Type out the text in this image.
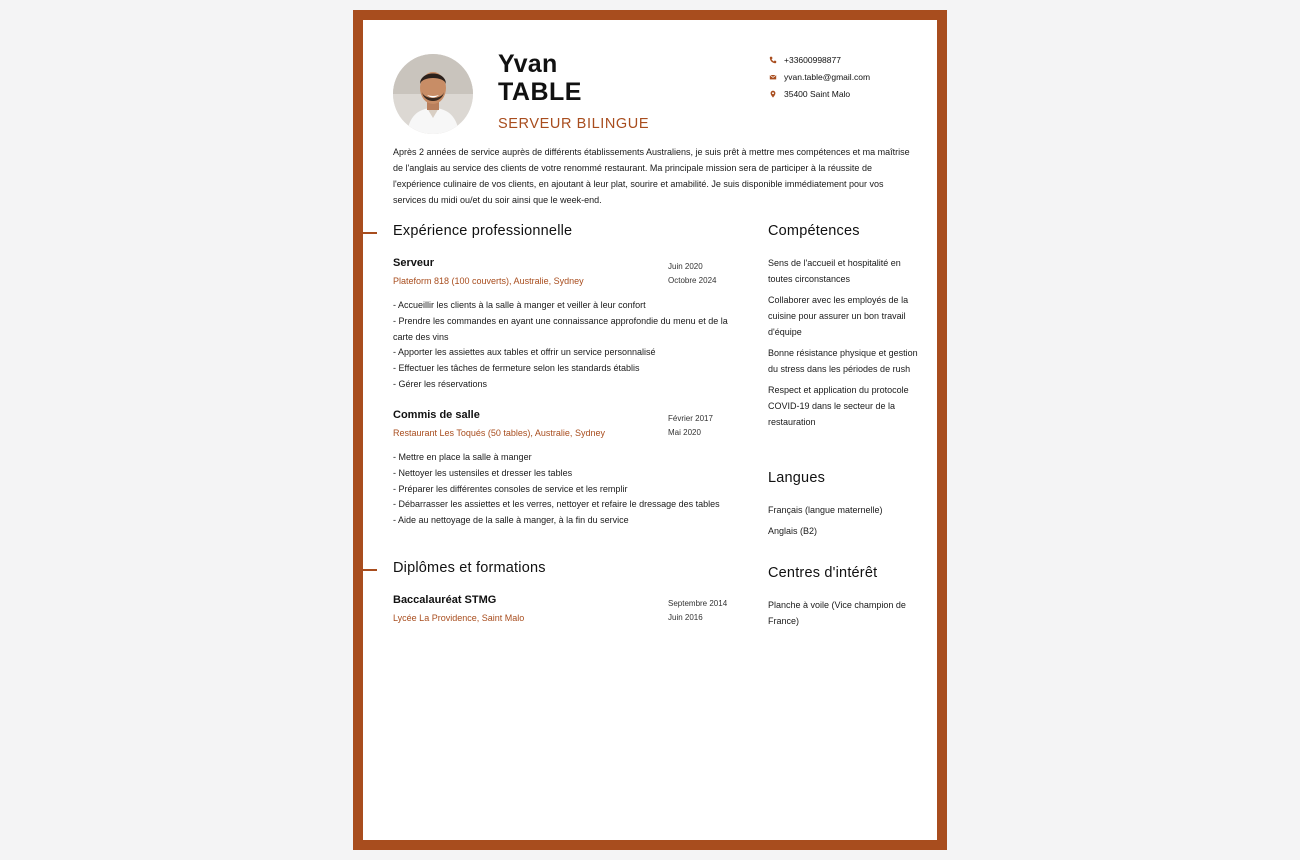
Yvan
TABLE
SERVEUR BILINGUE
+33600998877
yvan.table@gmail.com
35400 Saint Malo

Après 2 années de service auprès de différents établissements Australiens, je suis prêt à mettre mes compétences et ma maîtrise de l'anglais au service des clients de votre renommé restaurant. Ma principale mission sera de participer à la réussite de l'expérience culinaire de vos clients, en ajoutant à leur plat, sourire et amabilité. Je suis disponible immédiatement pour vos services du midi ou/et du soir ainsi que le week-end.

Expérience professionnelle
Serveur
Plateform 818 (100 couverts), Australie, Sydney
Juin 2020
Octobre 2024
- Accueillir les clients à la salle à manger et veiller à leur confort
- Prendre les commandes en ayant une connaissance approfondie du menu et de la carte des vins
- Apporter les assiettes aux tables et offrir un service personnalisé
- Effectuer les tâches de fermeture selon les standards établis
- Gérer les réservations
Commis de salle
Restaurant Les Toqués (50 tables), Australie, Sydney
Février 2017
Mai 2020
- Mettre en place la salle à manger
- Nettoyer les ustensiles et dresser les tables
- Préparer les différentes consoles de service et les remplir
- Débarrasser les assiettes et les verres, nettoyer et refaire le dressage des tables
- Aide au nettoyage de la salle à manger, à la fin du service
Diplômes et formations
Baccalauréat STMG
Lycée La Providence, Saint Malo
Septembre 2014
Juin 2016
Compétences
Sens de l'accueil et hospitalité en toutes circonstances
Collaborer avec les employés de la cuisine pour assurer un bon travail d'équipe
Bonne résistance physique et gestion du stress dans les périodes de rush
Respect et application du protocole COVID-19 dans le secteur de la restauration
Langues
Français (langue maternelle)
Anglais (B2)
Centres d'intérêt
Planche à voile (Vice champion de France)
